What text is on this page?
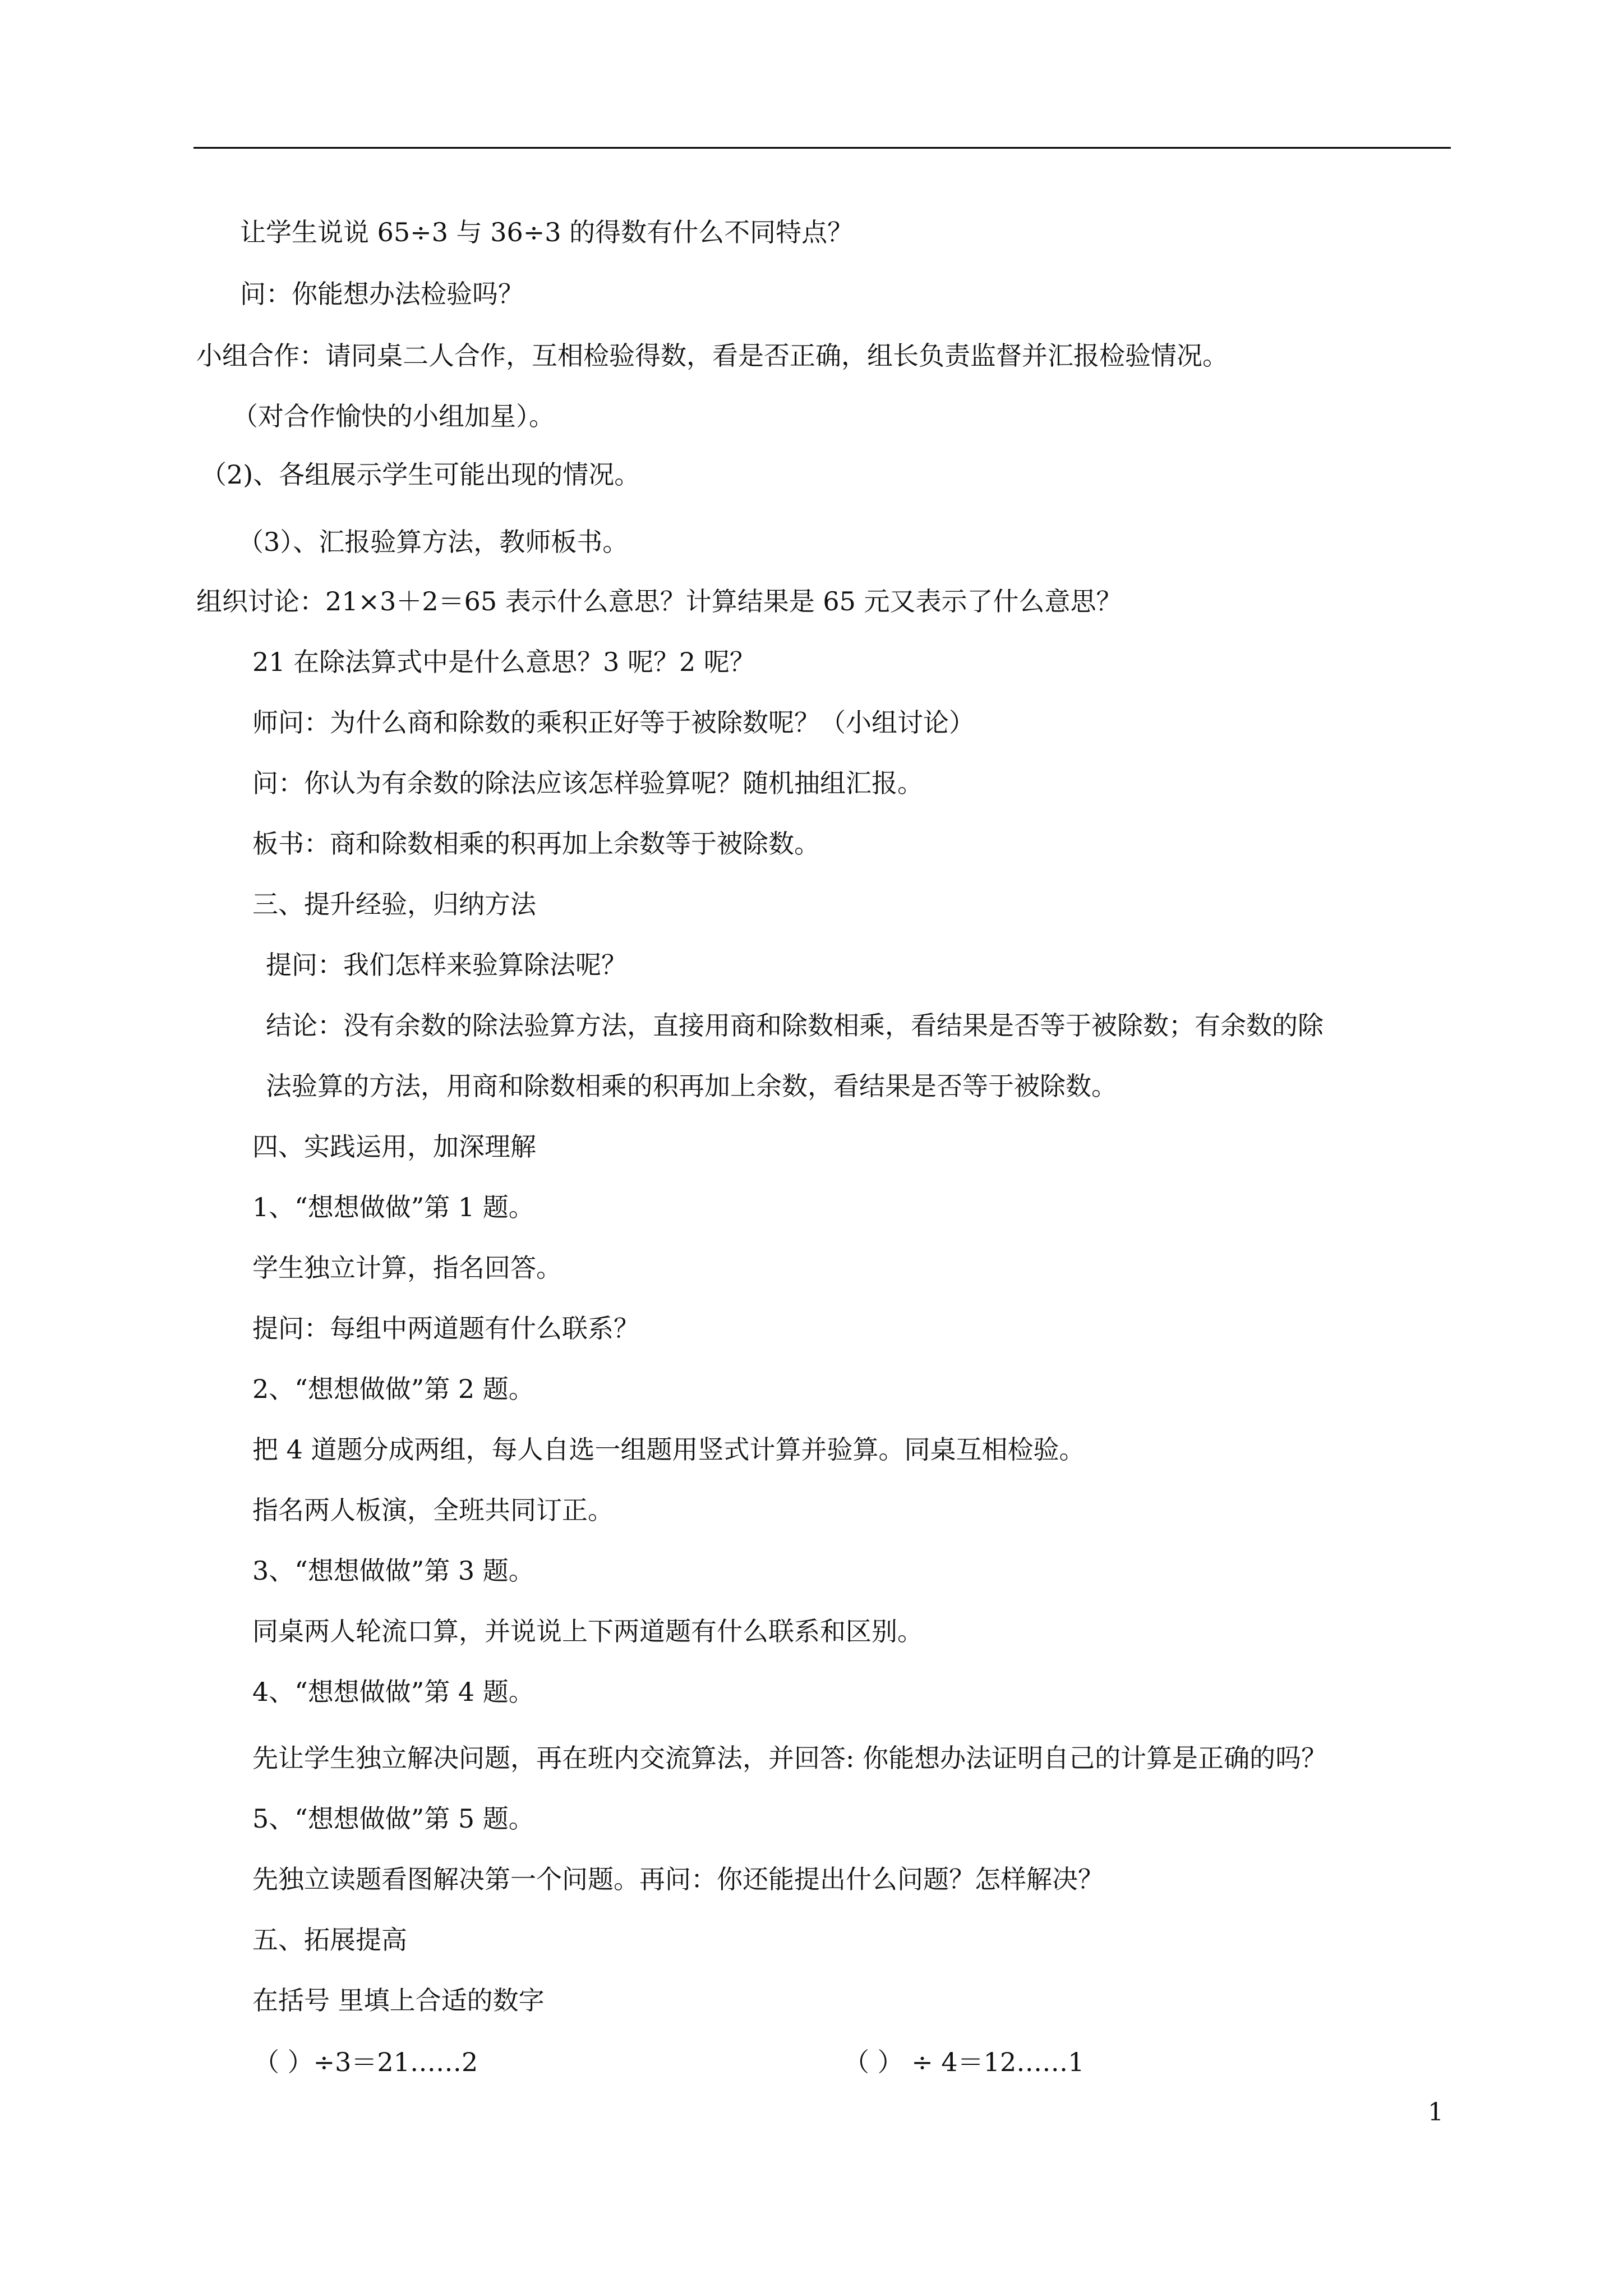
让学生说说 65÷3 与 36÷3 的得数有什么不同特点？
问：你能想办法检验吗？
小组合作：请同桌二人合作，互相检验得数，看是否正确，组长负责监督并汇报检验情况。
（对合作愉快的小组加星）。
（2)、各组展示学生可能出现的情况。
（3）、汇报验算方法，教师板书。
组织讨论：21×3＋2＝65 表示什么意思？计算结果是 65 元又表示了什么意思？
21 在除法算式中是什么意思？3 呢？2 呢？
师问：为什么商和除数的乘积正好等于被除数呢？（小组讨论）
问：你认为有余数的除法应该怎样验算呢？随机抽组汇报。
板书：商和除数相乘的积再加上余数等于被除数。
三、提升经验，归纳方法
提问：我们怎样来验算除法呢？
结论：没有余数的除法验算方法，直接用商和除数相乘，看结果是否等于被除数；有余数的除
法验算的方法，用商和除数相乘的积再加上余数，看结果是否等于被除数。
四、实践运用，加深理解
1、“想想做做”第 1 题。
学生独立计算，指名回答。
提问：每组中两道题有什么联系？
2、“想想做做”第 2 题。
把 4 道题分成两组，每人自选一组题用竖式计算并验算。同桌互相检验。
指名两人板演，全班共同订正。
3、“想想做做”第 3 题。
同桌两人轮流口算，并说说上下两道题有什么联系和区别。
4、“想想做做”第 4 题。
先让学生独立解决问题，再在班内交流算法，并回答: 你能想办法证明自己的计算是正确的吗？
5、“想想做做”第 5 题。
先独立读题看图解决第一个问题。再问：你还能提出什么问题？怎样解决？
五、拓展提高
在括号 里填上合适的数字
（ ）÷3＝21……2	（ ） ÷ 4＝12……1
1
